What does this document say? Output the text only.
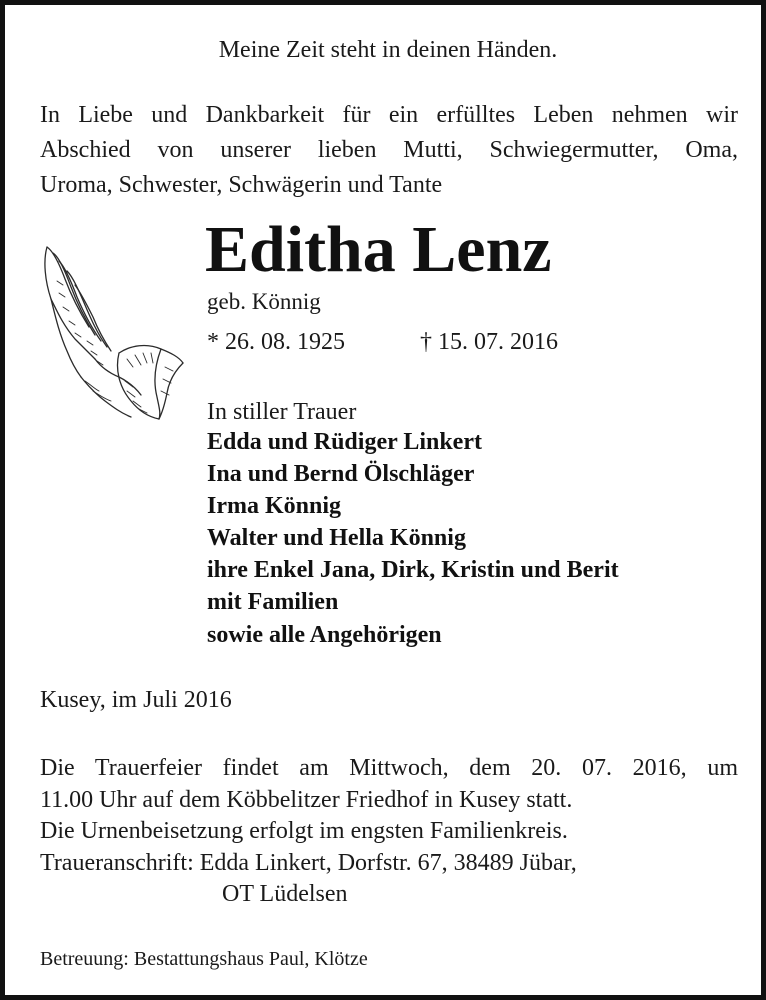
Meine Zeit steht in deinen Händen.
In Liebe und Dankbarkeit für ein erfülltes Leben nehmen wir
Abschied von unserer lieben Mutti, Schwiegermutter, Oma,
Uroma, Schwester, Schwägerin und Tante
Editha Lenz
geb. Könnig
* 26. 08. 1925	† 15. 07. 2016
In stiller Trauer
Edda und Rüdiger Linkert
Ina und Bernd Ölschläger
Irma Könnig
Walter und Hella Könnig
ihre Enkel Jana, Dirk, Kristin und Berit
mit Familien
sowie alle Angehörigen
Kusey, im Juli 2016
Die Trauerfeier findet am Mittwoch, dem 20. 07. 2016, um
11.00 Uhr auf dem Köbbelitzer Friedhof in Kusey statt.
Die Urnenbeisetzung erfolgt im engsten Familienkreis.
Traueranschrift: Edda Linkert, Dorfstr. 67, 38489 Jübar,
OT Lüdelsen
Betreuung: Bestattungshaus Paul, Klötze
